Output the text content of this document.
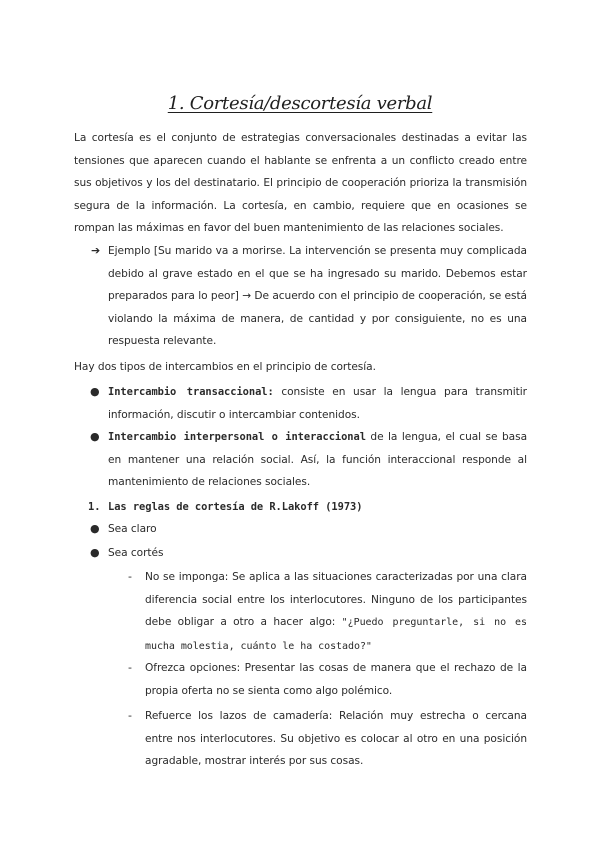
1. Cortesía/descortesía verbal
La cortesía es el conjunto de estrategias conversacionales destinadas a evitar las tensiones que aparecen cuando el hablante se enfrenta a un conflicto creado entre sus objetivos y los del destinatario. El principio de cooperación prioriza la transmisión segura de la información. La cortesía, en cambio, requiere que en ocasiones se rompan las máximas en favor del buen mantenimiento de las relaciones sociales.
➔ Ejemplo [Su marido va a morirse. La intervención se presenta muy complicada debido al grave estado en el que se ha ingresado su marido. Debemos estar preparados para lo peor] → De acuerdo con el principio de cooperación, se está violando la máxima de manera, de cantidad y por consiguiente, no es una respuesta relevante.
Hay dos tipos de intercambios en el principio de cortesía.
● Intercambio transaccional: consiste en usar la lengua para transmitir información, discutir o intercambiar contenidos.
● Intercambio interpersonal o interaccional de la lengua, el cual se basa en mantener una relación social. Así, la función interaccional responde al mantenimiento de relaciones sociales.
1. Las reglas de cortesía de R.Lakoff (1973)
● Sea claro
● Sea cortés
- No se imponga: Se aplica a las situaciones caracterizadas por una clara diferencia social entre los interlocutores. Ninguno de los participantes debe obligar a otro a hacer algo: "¿Puedo preguntarle, si no es mucha molestia, cuánto le ha costado?"
- Ofrezca opciones: Presentar las cosas de manera que el rechazo de la propia oferta no se sienta como algo polémico.
- Refuerce los lazos de camadería: Relación muy estrecha o cercana entre nos interlocutores. Su objetivo es colocar al otro en una posición agradable, mostrar interés por sus cosas.
